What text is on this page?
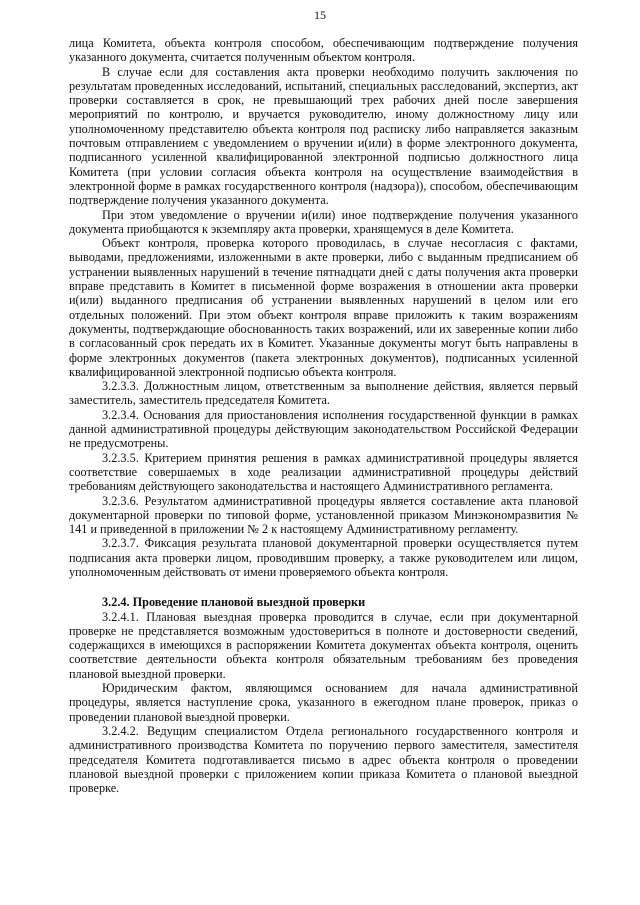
15

лица Комитета, объекта контроля способом, обеспечивающим подтверждение получения указанного документа, считается полученным объектом контроля.

В случае если для составления акта проверки необходимо получить заключения по результатам проведенных исследований, испытаний, специальных расследований, экспертиз, акт проверки составляется в срок, не превышающий трех рабочих дней после завершения мероприятий по контролю, и вручается руководителю, иному должностному лицу или уполномоченному представителю объекта контроля под расписку либо направляется заказным почтовым отправлением с уведомлением о вручении и(или) в форме электронного документа, подписанного усиленной квалифицированной электронной подписью должностного лица Комитета (при условии согласия объекта контроля на осуществление взаимодействия в электронной форме в рамках государственного контроля (надзора)), способом, обеспечивающим подтверждение получения указанного документа.

При этом уведомление о вручении и(или) иное подтверждение получения указанного документа приобщаются к экземпляру акта проверки, хранящемуся в деле Комитета.

Объект контроля, проверка которого проводилась, в случае несогласия с фактами, выводами, предложениями, изложенными в акте проверки, либо с выданным предписанием об устранении выявленных нарушений в течение пятнадцати дней с даты получения акта проверки вправе представить в Комитет в письменной форме возражения в отношении акта проверки и(или) выданного предписания об устранении выявленных нарушений в целом или его отдельных положений. При этом объект контроля вправе приложить к таким возражениям документы, подтверждающие обоснованность таких возражений, или их заверенные копии либо в согласованный срок передать их в Комитет. Указанные документы могут быть направлены в форме электронных документов (пакета электронных документов), подписанных усиленной квалифицированной электронной подписью объекта контроля.

3.2.3.3. Должностным лицом, ответственным за выполнение действия, является первый заместитель, заместитель председателя Комитета.

3.2.3.4. Основания для приостановления исполнения государственной функции в рамках данной административной процедуры действующим законодательством Российской Федерации не предусмотрены.

3.2.3.5. Критерием принятия решения в рамках административной процедуры является соответствие совершаемых в ходе реализации административной процедуры действий требованиям действующего законодательства и настоящего Административного регламента.

3.2.3.6. Результатом административной процедуры является составление акта плановой документарной проверки по типовой форме, установленной приказом Минэкономразвития № 141 и приведенной в приложении № 2 к настоящему Административному регламенту.

3.2.3.7. Фиксация результата плановой документарной проверки осуществляется путем подписания акта проверки лицом, проводившим проверку, а также руководителем или лицом, уполномоченным действовать от имени проверяемого объекта контроля.

3.2.4. Проведение плановой выездной проверки

3.2.4.1. Плановая выездная проверка проводится в случае, если при документарной проверке не представляется возможным удостовериться в полноте и достоверности сведений, содержащихся в имеющихся в распоряжении Комитета документах объекта контроля, оценить соответствие деятельности объекта контроля обязательным требованиям без проведения плановой выездной проверки.

Юридическим фактом, являющимся основанием для начала административной процедуры, является наступление срока, указанного в ежегодном плане проверок, приказ о проведении плановой выездной проверки.

3.2.4.2. Ведущим специалистом Отдела регионального государственного контроля и административного производства Комитета по поручению первого заместителя, заместителя председателя Комитета подготавливается письмо в адрес объекта контроля о проведении плановой выездной проверки с приложением копии приказа Комитета о плановой выездной проверке.
